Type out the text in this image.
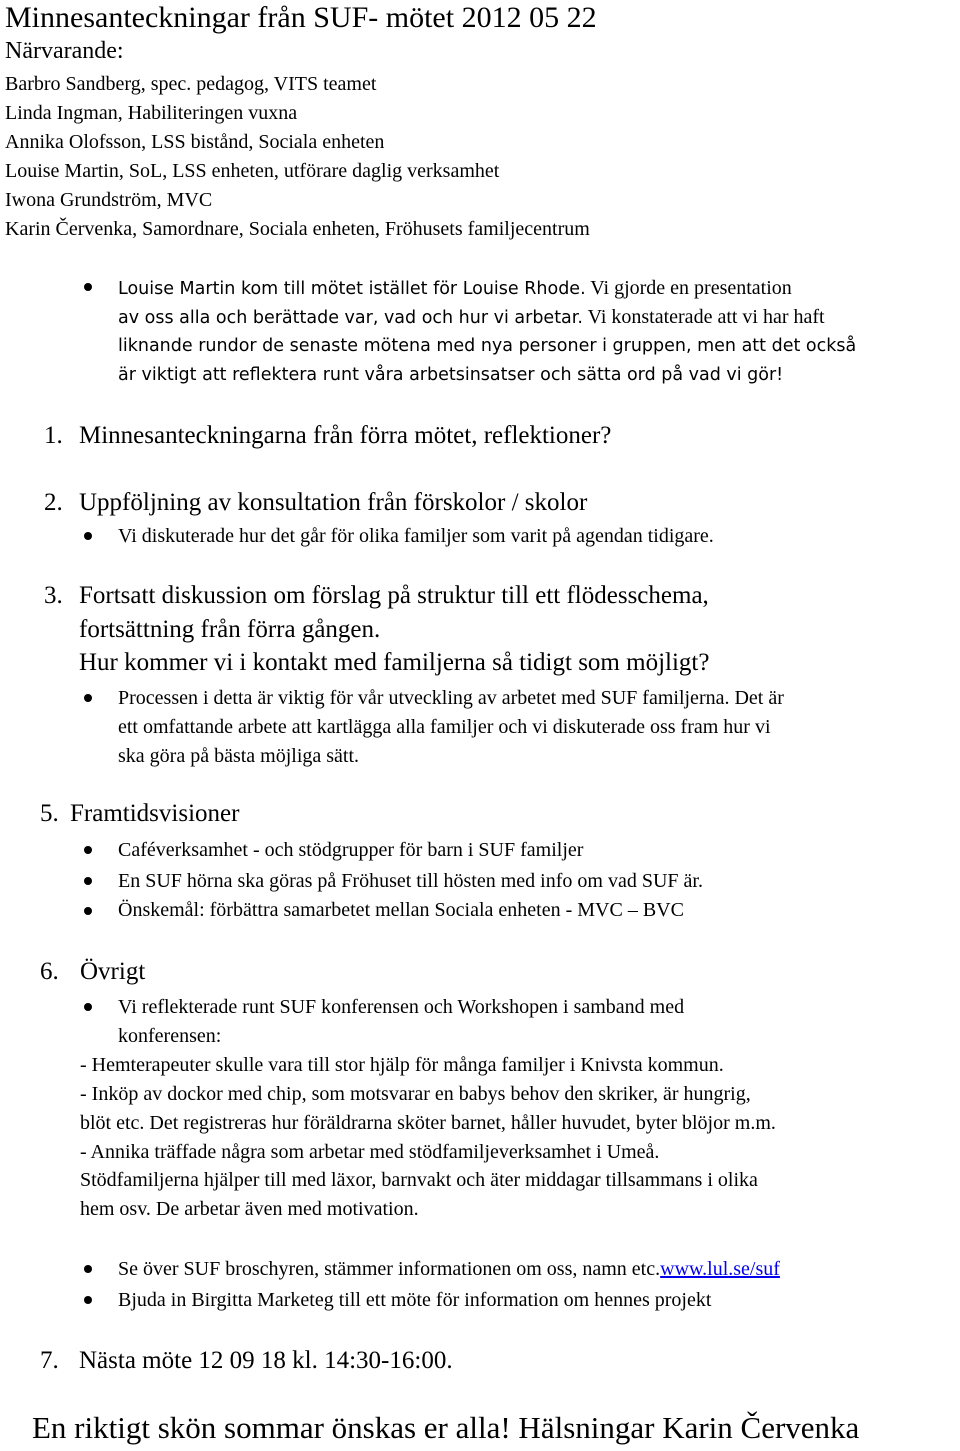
Minnesanteckningar från SUF- mötet 2012 05 22
Närvarande:
Barbro Sandberg, spec. pedagog, VITS teamet
Linda Ingman, Habiliteringen vuxna
Annika Olofsson, LSS bistånd, Sociala enheten
Louise Martin, SoL, LSS enheten, utförare daglig verksamhet
Iwona Grundström, MVC
Karin Červenka, Samordnare, Sociala enheten, Fröhusets familjecentrum
Louise Martin kom till mötet istället för Louise Rhode. Vi gjorde en presentation
av oss alla och berättade var, vad och hur vi arbetar. Vi konstaterade att vi har haft
liknande rundor de senaste mötena med nya personer i gruppen, men att det också
är viktigt att reflektera runt våra arbetsinsatser och sätta ord på vad vi gör!
1. Minnesanteckningarna från förra mötet, reflektioner?
2. Uppföljning av konsultation från förskolor / skolor
Vi diskuterade hur det går för olika familjer som varit på agendan tidigare.
3. Fortsatt diskussion om förslag på struktur till ett flödesschema,
fortsättning från förra gången.
Hur kommer vi i kontakt med familjerna så tidigt som möjligt?
Processen i detta är viktig för vår utveckling av arbetet med SUF familjerna. Det är
ett omfattande arbete att kartlägga alla familjer och vi diskuterade oss fram hur vi
ska göra på bästa möjliga sätt.
5. Framtidsvisioner
Caféverksamhet - och stödgrupper för barn i SUF familjer
En SUF hörna ska göras på Fröhuset till hösten med info om vad SUF är.
Önskemål: förbättra samarbetet mellan Sociala enheten - MVC – BVC
6. Övrigt
Vi reflekterade runt SUF konferensen och Workshopen i samband med
konferensen:
- Hemterapeuter skulle vara till stor hjälp för många familjer i Knivsta kommun.
- Inköp av dockor med chip, som motsvarar en babys behov den skriker, är hungrig,
blöt etc. Det registreras hur föräldrarna sköter barnet, håller huvudet, byter blöjor m.m.
- Annika träffade några som arbetar med stödfamiljeverksamhet i Umeå.
Stödfamiljerna hjälper till med läxor, barnvakt och äter middagar tillsammans i olika
hem osv. De arbetar även med motivation.
Se över SUF broschyren, stämmer informationen om oss, namn etc.www.lul.se/suf
Bjuda in Birgitta Marketeg till ett möte för information om hennes projekt
7. Nästa möte 12 09 18 kl. 14:30-16:00.
En riktigt skön sommar önskas er alla! Hälsningar Karin Červenka
